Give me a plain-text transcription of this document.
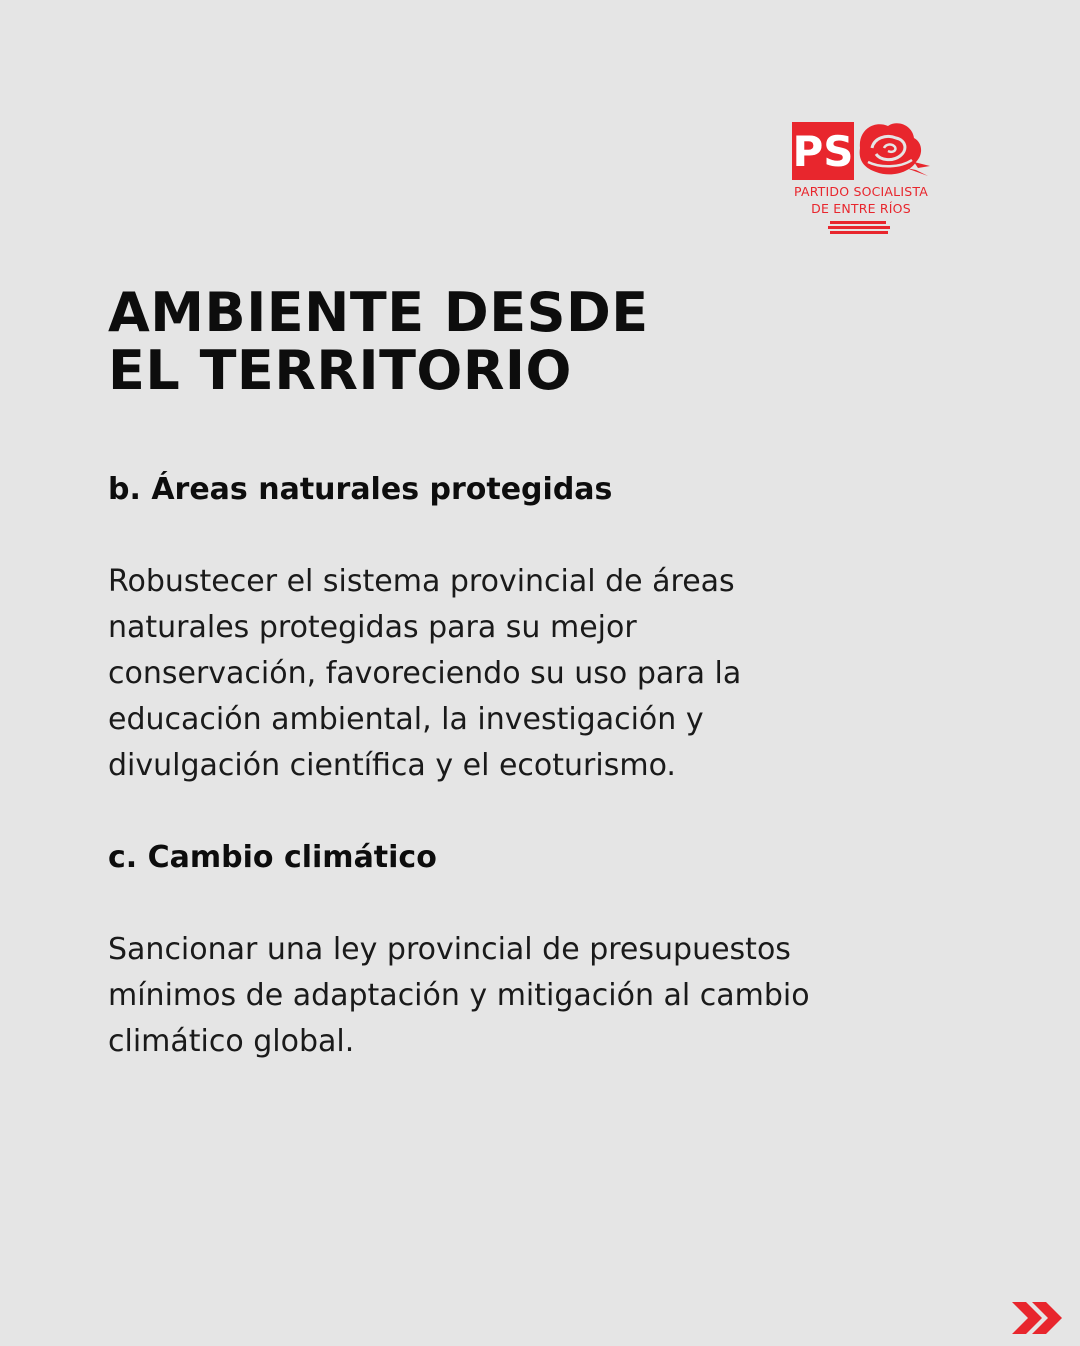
PS
PARTIDO SOCIALISTA
DE ENTRE RÍOS
AMBIENTE DESDE
EL TERRITORIO
b. Áreas naturales protegidas

Robustecer el sistema provincial de áreas
naturales protegidas para su mejor
conservación, favoreciendo su uso para la
educación ambiental, la investigación y
divulgación científica y el ecoturismo.

c. Cambio climático

Sancionar una ley provincial de presupuestos
mínimos de adaptación y mitigación al cambio
climático global.
